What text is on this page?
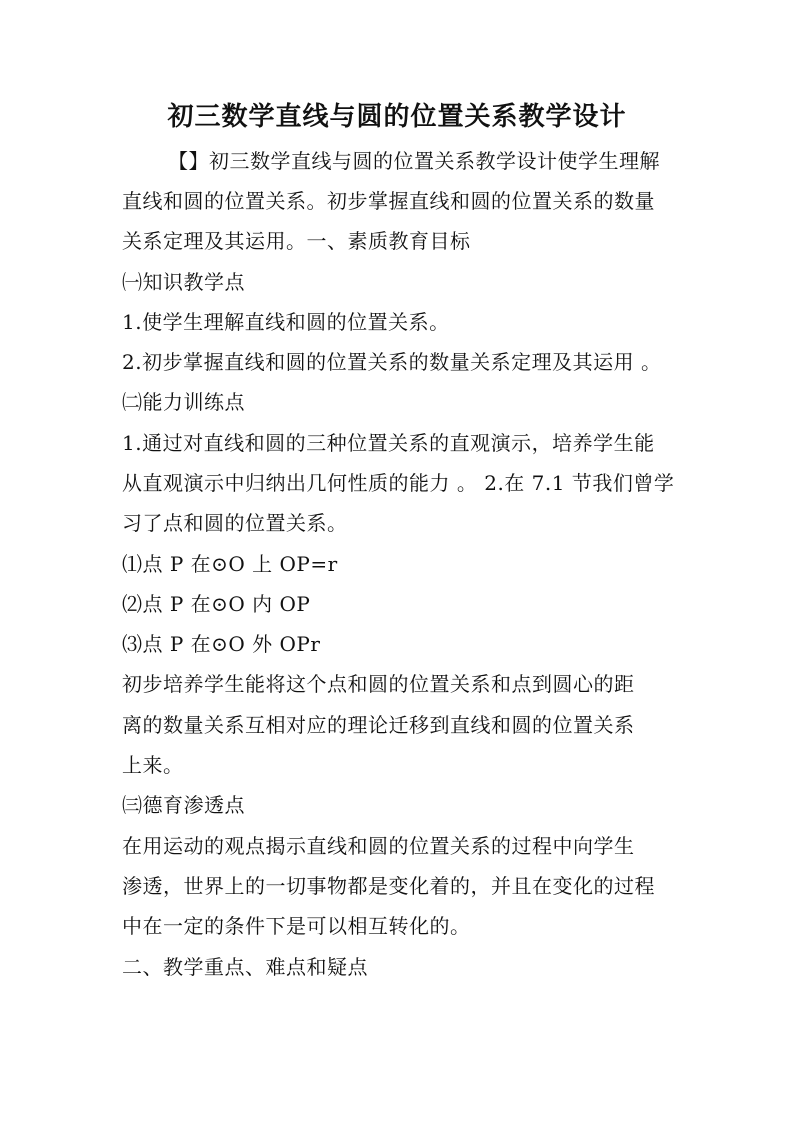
初三数学直线与圆的位置关系教学设计
【】初三数学直线与圆的位置关系教学设计使学生理解
直线和圆的位置关系。初步掌握直线和圆的位置关系的数量
关系定理及其运用。一、素质教育目标
㈠知识教学点
1.使学生理解直线和圆的位置关系。
2.初步掌握直线和圆的位置关系的数量关系定理及其运用 。
㈡能力训练点
1.通过对直线和圆的三种位置关系的直观演示，培养学生能
从直观演示中归纳出几何性质的能力 。 2.在 7.1 节我们曾学
习了点和圆的位置关系。
⑴点 P 在⊙O 上 OP=r
⑵点 P 在⊙O 内 OP
⑶点 P 在⊙O 外 OPr
初步培养学生能将这个点和圆的位置关系和点到圆心的距
离的数量关系互相对应的理论迁移到直线和圆的位置关系
上来。
㈢德育渗透点
在用运动的观点揭示直线和圆的位置关系的过程中向学生
渗透，世界上的一切事物都是变化着的，并且在变化的过程
中在一定的条件下是可以相互转化的。
二、教学重点、难点和疑点
